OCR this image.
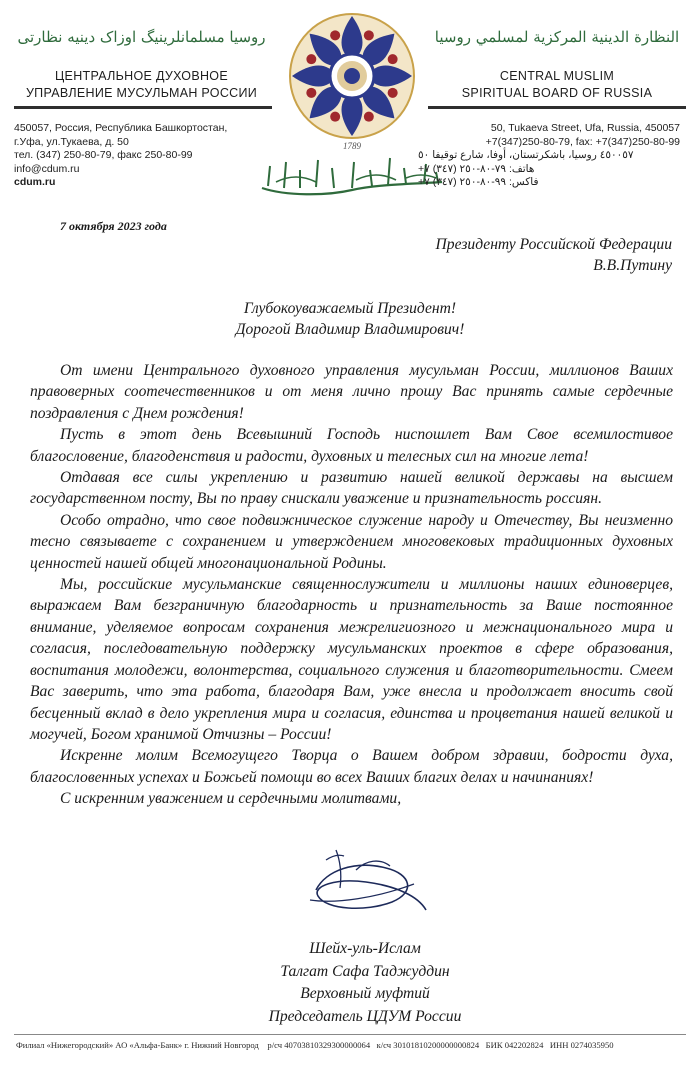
روسيا مسلمانلرینیگ اوزاک دینیه نظارتی
ЦЕНТРАЛЬНОЕ ДУХОВНОЕ
УПРАВЛЕНИЕ МУСУЛЬМАН РОССИИ
450057, Россия, Республика Башкортостан,
г.Уфа, ул.Тукаева, д. 50
тел. (347) 250-80-79, факс 250-80-99
info@cdum.ru
cdum.ru
1789
النظارة الدينية المركزية لمسلمي روسيا
CENTRAL MUSLIM
SPIRITUAL BOARD OF RUSSIA
50, Tukaeva Street, Ufa, Russia, 450057
+7(347)250-80-79, fax: +7(347)250-80-99
٤٥٠٠٥٧ روسيا، باشكرتستان، أوفا، شارع توقيفا ٥٠
هاتف: ٧٩-٨٠-٢٥٠ (٣٤٧) ٧+
فاكس: ٩٩-٨٠-٢٥٠ (٣٤٧) ٧+
7 октября 2023 года
Президенту Российской Федерации
В.В.Путину
Глубокоуважаемый Президент!
Дорогой Владимир Владимирович!

От имени Центрального духовного управления мусульман России, миллионов Ваших правоверных соотечественников и от меня лично прошу Вас принять самые сердечные поздравления с Днем рождения!

Пусть в этот день Всевышний Господь ниспошлет Вам Свое всемилостивое благословение, благоденствия и радости, духовных и телесных сил на многие лета!

Отдавая все силы укреплению и развитию нашей великой державы на высшем государственном посту, Вы по праву снискали уважение и признательность россиян.

Особо отрадно, что свое подвижническое служение народу и Отечеству, Вы неизменно тесно связываете с сохранением и утверждением многовековых традиционных духовных ценностей нашей общей многонациональной Родины.

Мы, российские мусульманские священнослужители и миллионы наших единоверцев, выражаем Вам безграничную благодарность и признательность за Ваше постоянное внимание, уделяемое вопросам сохранения межрелигиозного и межнационального мира и согласия, последовательную поддержку мусульманских проектов в сфере образования, воспитания молодежи, волонтерства, социального служения и благотворительности. Смеем Вас заверить, что эта работа, благодаря Вам, уже внесла и продолжает вносить свой бесценный вклад в дело укрепления мира и согласия, единства и процветания нашей великой и могучей, Богом хранимой Отчизны – России!

Искренне молим Всемогущего Творца о Вашем добром здравии, бодрости духа, благословенных успехах и Божьей помощи во всех Ваших благих делах и начинаниях!

С искренним уважением и сердечными молитвами,

Шейх-уль-Ислам
Талгат Сафа Таджуддин
Верховный муфтий
Председатель ЦДУМ России
Филиал «Нижегородский» АО «Альфа-Банк» г. Нижний Новгород р/сч 40703810329300000064 к/сч 30101810200000000824 БИК 042202824 ИНН 0274035950
